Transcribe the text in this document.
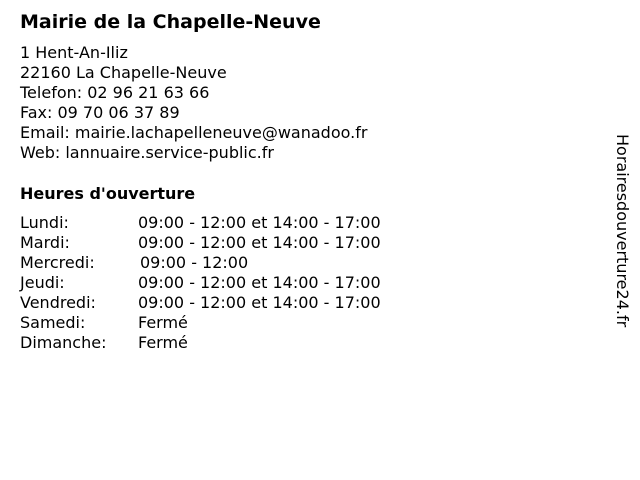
Mairie de la Chapelle-Neuve
1 Hent-An-Iliz
22160 La Chapelle-Neuve
Telefon: 02 96 21 63 66
Fax: 09 70 06 37 89
Email: mairie.lachapelleneuve@wanadoo.fr
Web: lannuaire.service-public.fr
Heures d'ouverture
Lundi:	09:00 - 12:00 et 14:00 - 17:00
Mardi:	09:00 - 12:00 et 14:00 - 17:00
Mercredi:	09:00 - 12:00
Jeudi:	09:00 - 12:00 et 14:00 - 17:00
Vendredi:	09:00 - 12:00 et 14:00 - 17:00
Samedi:	Fermé
Dimanche: Fermé
Horairesdouverture24.fr
